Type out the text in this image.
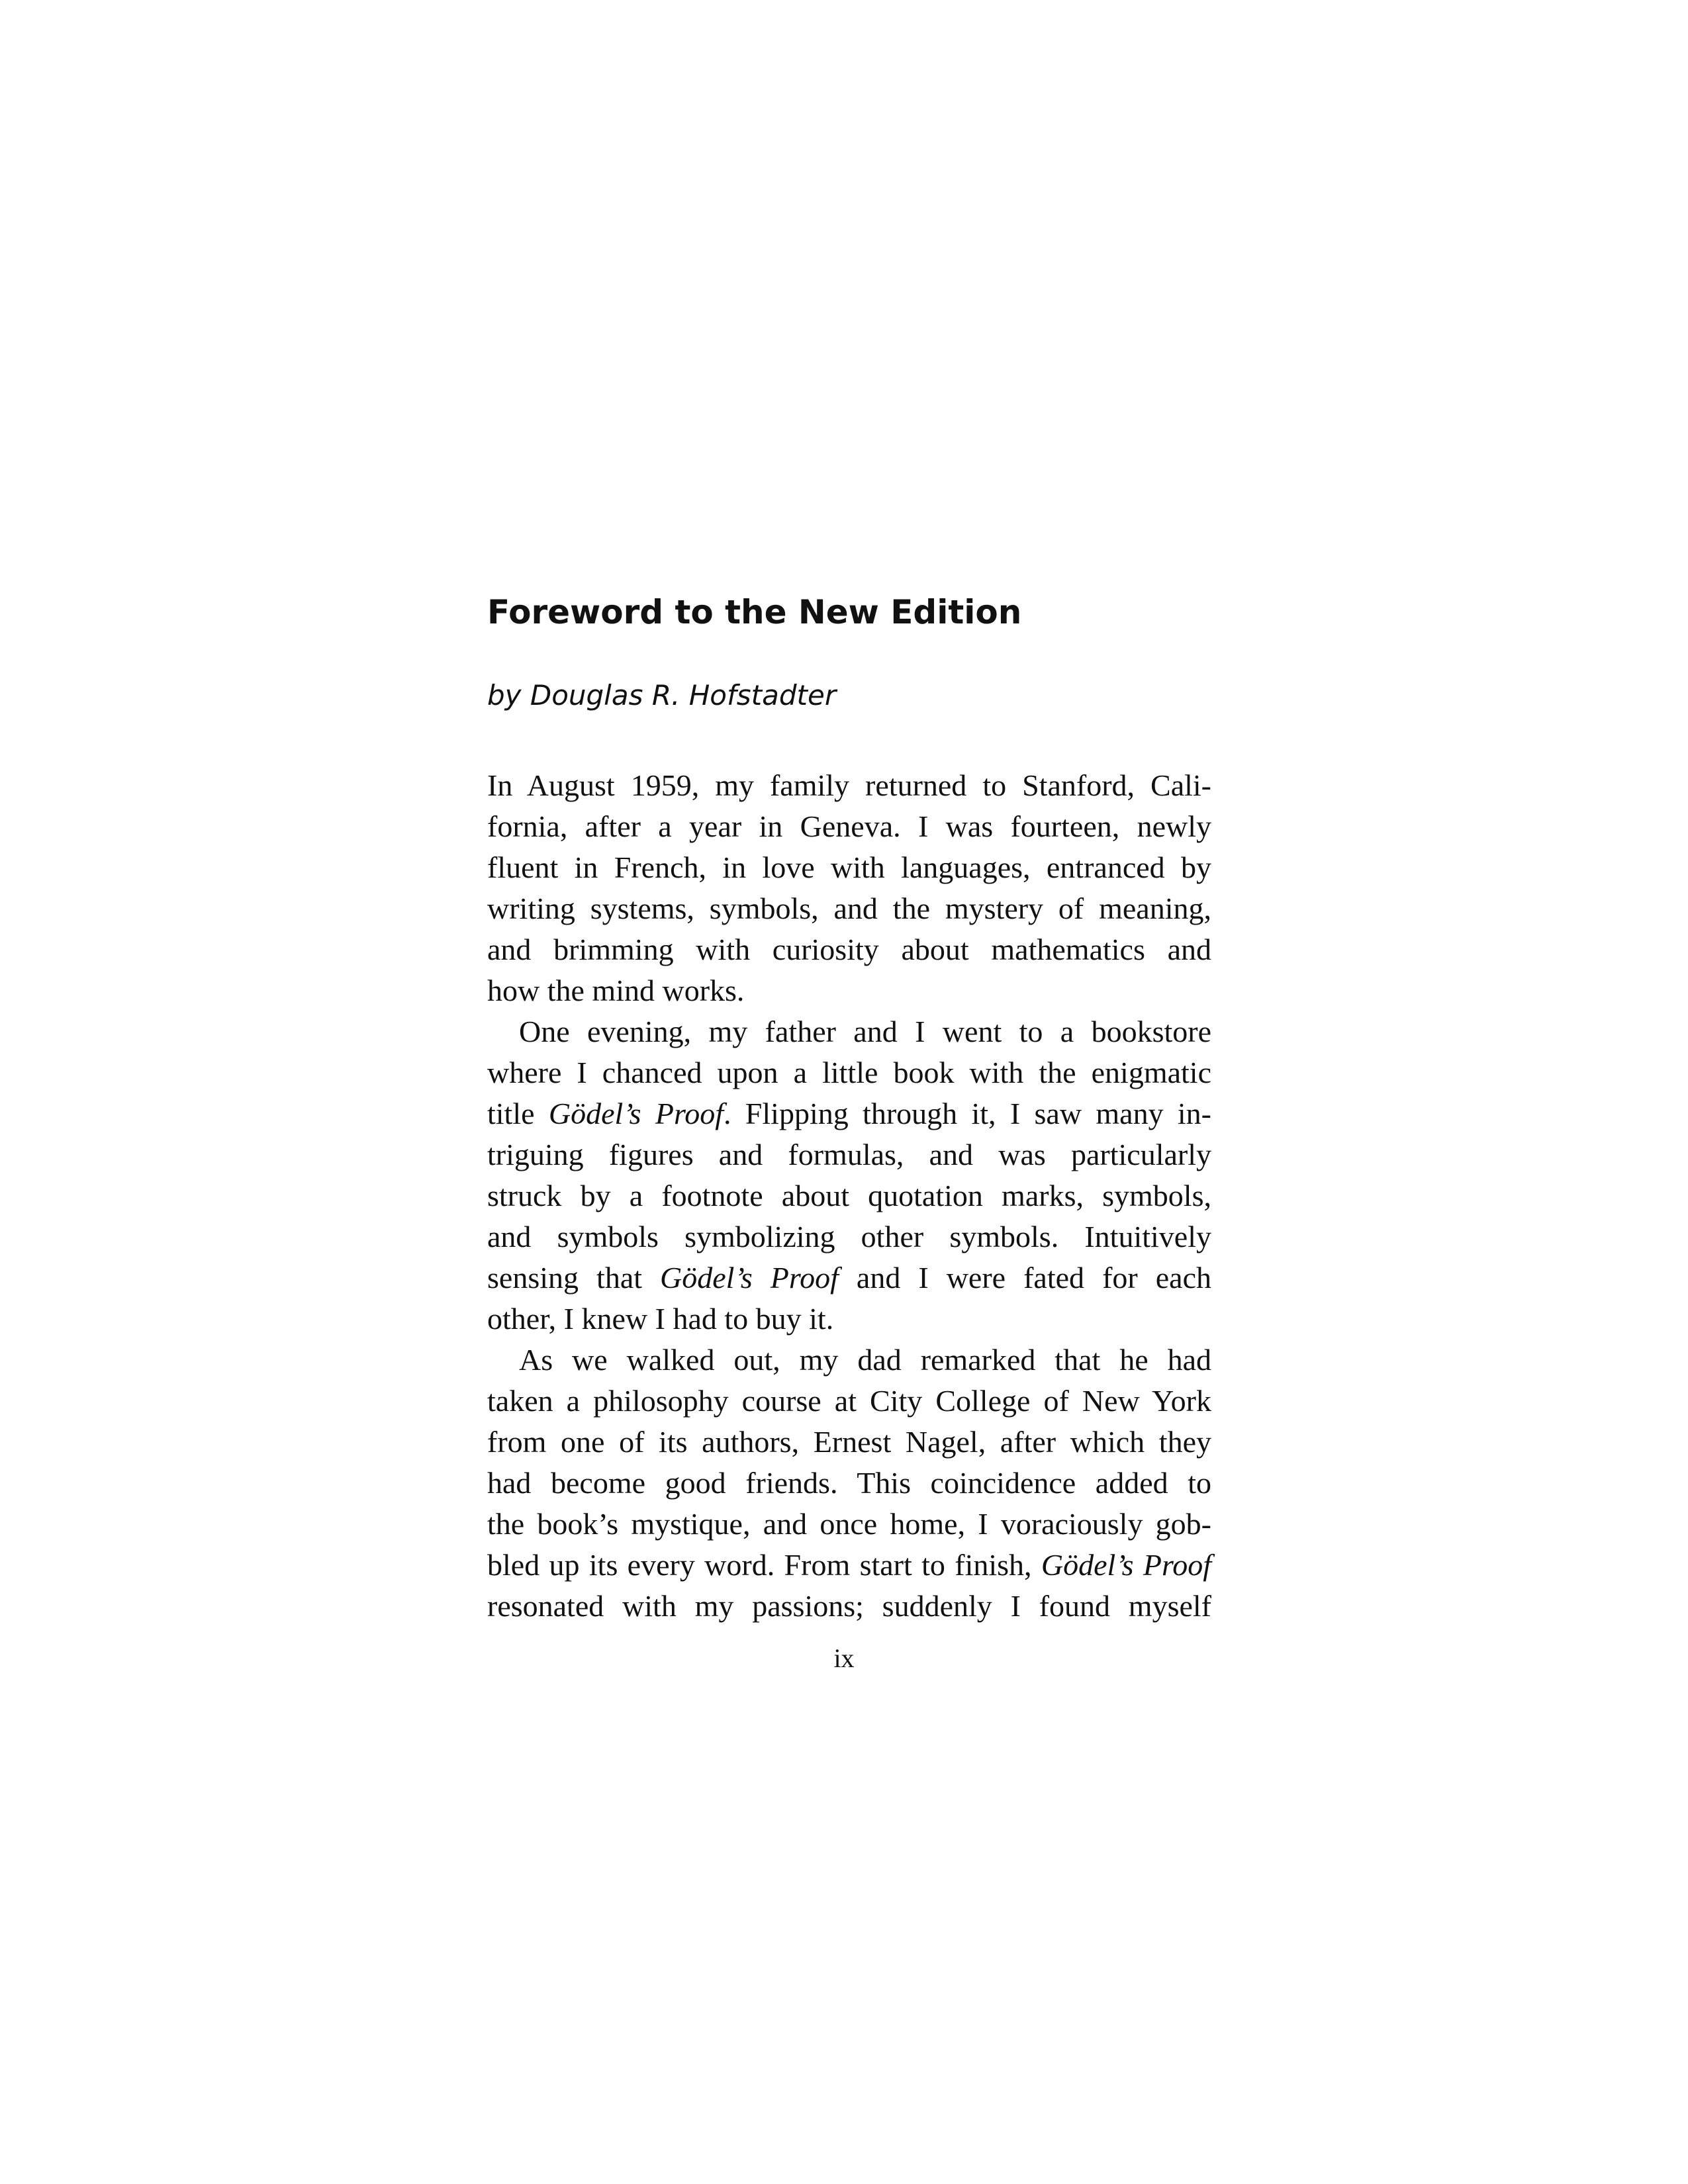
Foreword to the New Edition
by Douglas R. Hofstadter
In August 1959, my family returned to Stanford, Cali-
fornia, after a year in Geneva. I was fourteen, newly
fluent in French, in love with languages, entranced by
writing systems, symbols, and the mystery of meaning,
and brimming with curiosity about mathematics and
how the mind works.
One evening, my father and I went to a bookstore
where I chanced upon a little book with the enigmatic
title Gödel’s Proof. Flipping through it, I saw many in-
triguing figures and formulas, and was particularly
struck by a footnote about quotation marks, symbols,
and symbols symbolizing other symbols. Intuitively
sensing that Gödel’s Proof and I were fated for each
other, I knew I had to buy it.
As we walked out, my dad remarked that he had
taken a philosophy course at City College of New York
from one of its authors, Ernest Nagel, after which they
had become good friends. This coincidence added to
the book’s mystique, and once home, I voraciously gob-
bled up its every word. From start to finish, Gödel’s Proof
resonated with my passions; suddenly I found myself
ix
